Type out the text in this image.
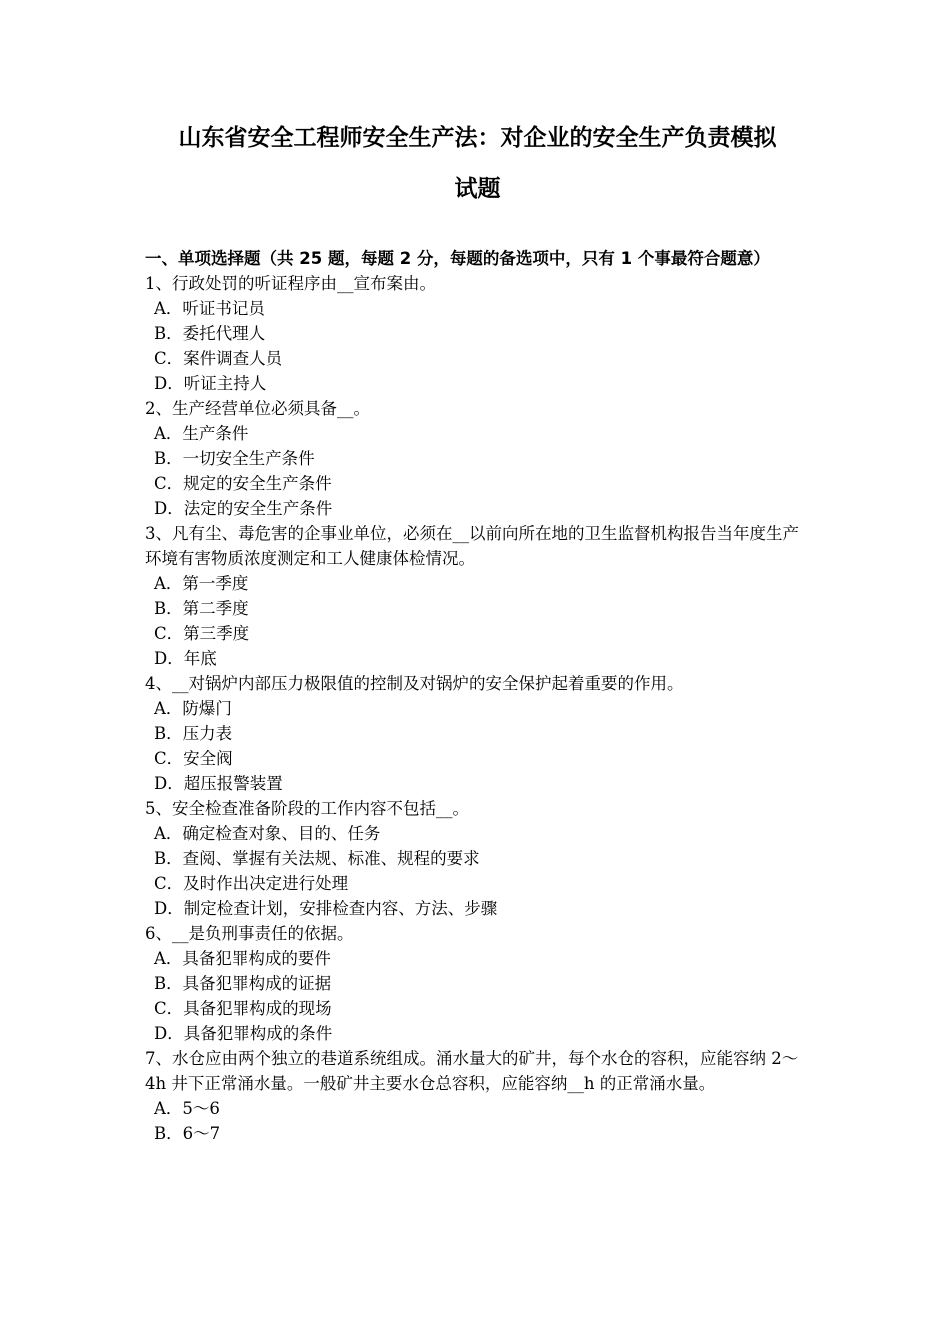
山东省安全工程师安全生产法：对企业的安全生产负责模拟
试题

一、单项选择题（共 25 题，每题 2 分，每题的备选项中，只有 1 个事最符合题意）

1、行政处罚的听证程序由__宣布案由。

A．听证书记员

B．委托代理人

C．案件调查人员

D．听证主持人

2、生产经营单位必须具备__。

A．生产条件

B．一切安全生产条件

C．规定的安全生产条件

D．法定的安全生产条件

3、凡有尘、毒危害的企事业单位，必须在__以前向所在地的卫生监督机构报告当年度生产环境有害物质浓度测定和工人健康体检情况。

A．第一季度

B．第二季度

C．第三季度

D．年底

4、__对锅炉内部压力极限值的控制及对锅炉的安全保护起着重要的作用。

A．防爆门

B．压力表

C．安全阀

D．超压报警装置

5、安全检查准备阶段的工作内容不包括__。

A．确定检查对象、目的、任务

B．查阅、掌握有关法规、标准、规程的要求

C．及时作出决定进行处理

D．制定检查计划，安排检查内容、方法、步骤

6、__是负刑事责任的依据。

A．具备犯罪构成的要件

B．具备犯罪构成的证据

C．具备犯罪构成的现场

D．具备犯罪构成的条件

7、水仓应由两个独立的巷道系统组成。涌水量大的矿井，每个水仓的容积，应能容纳 2～4h 井下正常涌水量。一般矿井主要水仓总容积，应能容纳__h 的正常涌水量。

A．5～6

B．6～7
